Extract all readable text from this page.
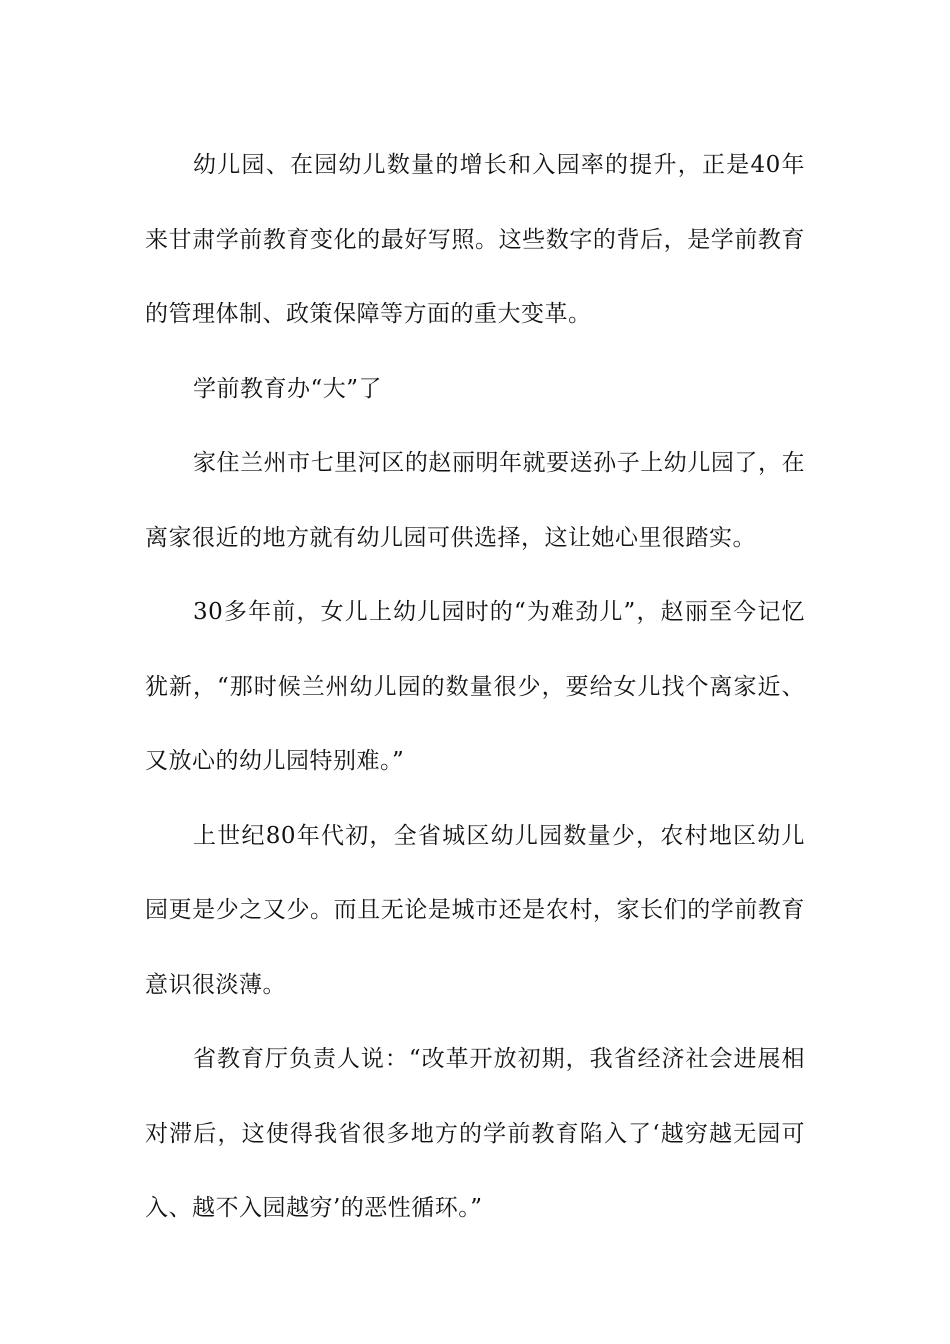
幼儿园、在园幼儿数量的增长和入园率的提升，正是40年来甘肃学前教育变化的最好写照。这些数字的背后，是学前教育的管理体制、政策保障等方面的重大变革。

学前教育办“大”了

家住兰州市七里河区的赵丽明年就要送孙子上幼儿园了，在离家很近的地方就有幼儿园可供选择，这让她心里很踏实。

30多年前，女儿上幼儿园时的“为难劲儿”，赵丽至今记忆犹新，“那时候兰州幼儿园的数量很少，要给女儿找个离家近、又放心的幼儿园特别难。”

上世纪80年代初，全省城区幼儿园数量少，农村地区幼儿园更是少之又少。而且无论是城市还是农村，家长们的学前教育意识很淡薄。

省教育厅负责人说：“改革开放初期，我省经济社会进展相对滞后，这使得我省很多地方的学前教育陷入了‘越穷越无园可入、越不入园越穷’的恶性循环。”
